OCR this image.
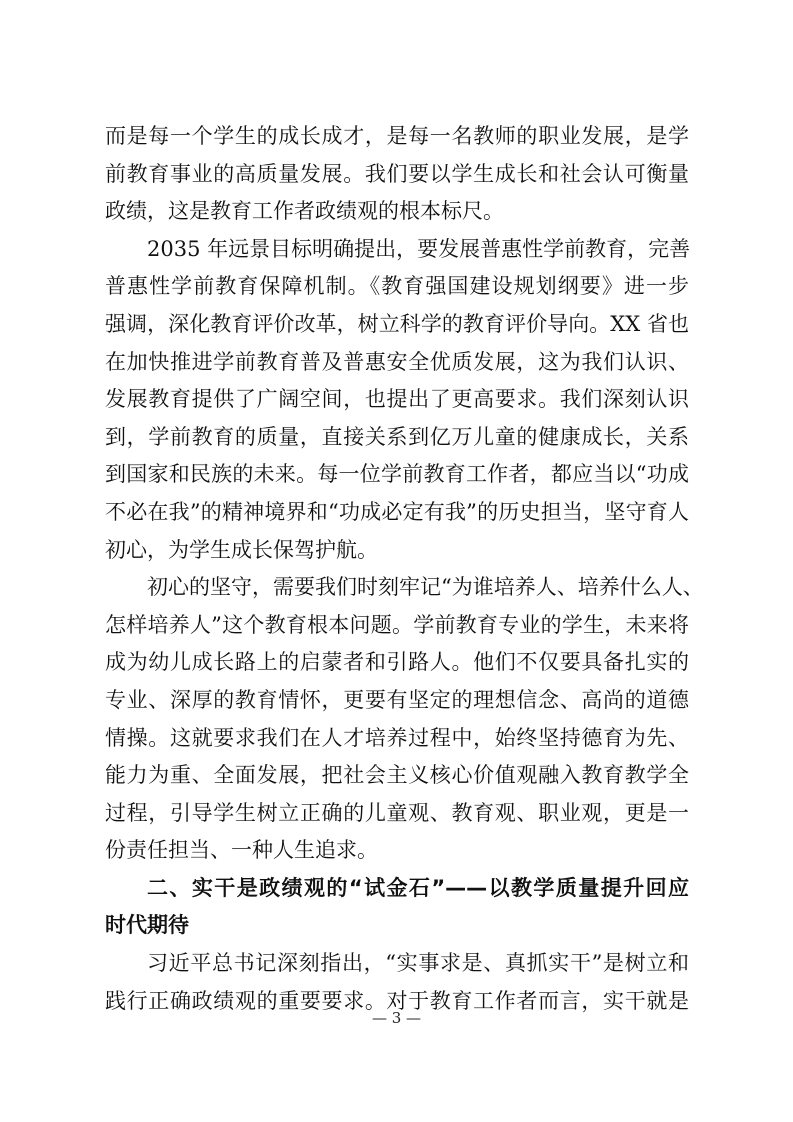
而是每一个学生的成长成才，是每一名教师的职业发展，是学
前教育事业的高质量发展。我们要以学生成长和社会认可衡量
政绩，这是教育工作者政绩观的根本标尺。
2035 年远景目标明确提出，要发展普惠性学前教育，完善
普惠性学前教育保障机制。《教育强国建设规划纲要》进一步
强调，深化教育评价改革，树立科学的教育评价导向。XX 省也
在加快推进学前教育普及普惠安全优质发展，这为我们认识、
发展教育提供了广阔空间，也提出了更高要求。我们深刻认识
到，学前教育的质量，直接关系到亿万儿童的健康成长，关系
到国家和民族的未来。每一位学前教育工作者，都应当以“功成
不必在我”的精神境界和“功成必定有我”的历史担当，坚守育人
初心，为学生成长保驾护航。
初心的坚守，需要我们时刻牢记“为谁培养人、培养什么人、
怎样培养人”这个教育根本问题。学前教育专业的学生，未来将
成为幼儿成长路上的启蒙者和引路人。他们不仅要具备扎实的
专业、深厚的教育情怀，更要有坚定的理想信念、高尚的道德
情操。这就要求我们在人才培养过程中，始终坚持德育为先、
能力为重、全面发展，把社会主义核心价值观融入教育教学全
过程，引导学生树立正确的儿童观、教育观、职业观，更是一
份责任担当、一种人生追求。
二、实干是政绩观的“试金石”——以教学质量提升回应
时代期待
习近平总书记深刻指出，“实事求是、真抓实干”是树立和
践行正确政绩观的重要要求。对于教育工作者而言，实干就是
— 3 —
